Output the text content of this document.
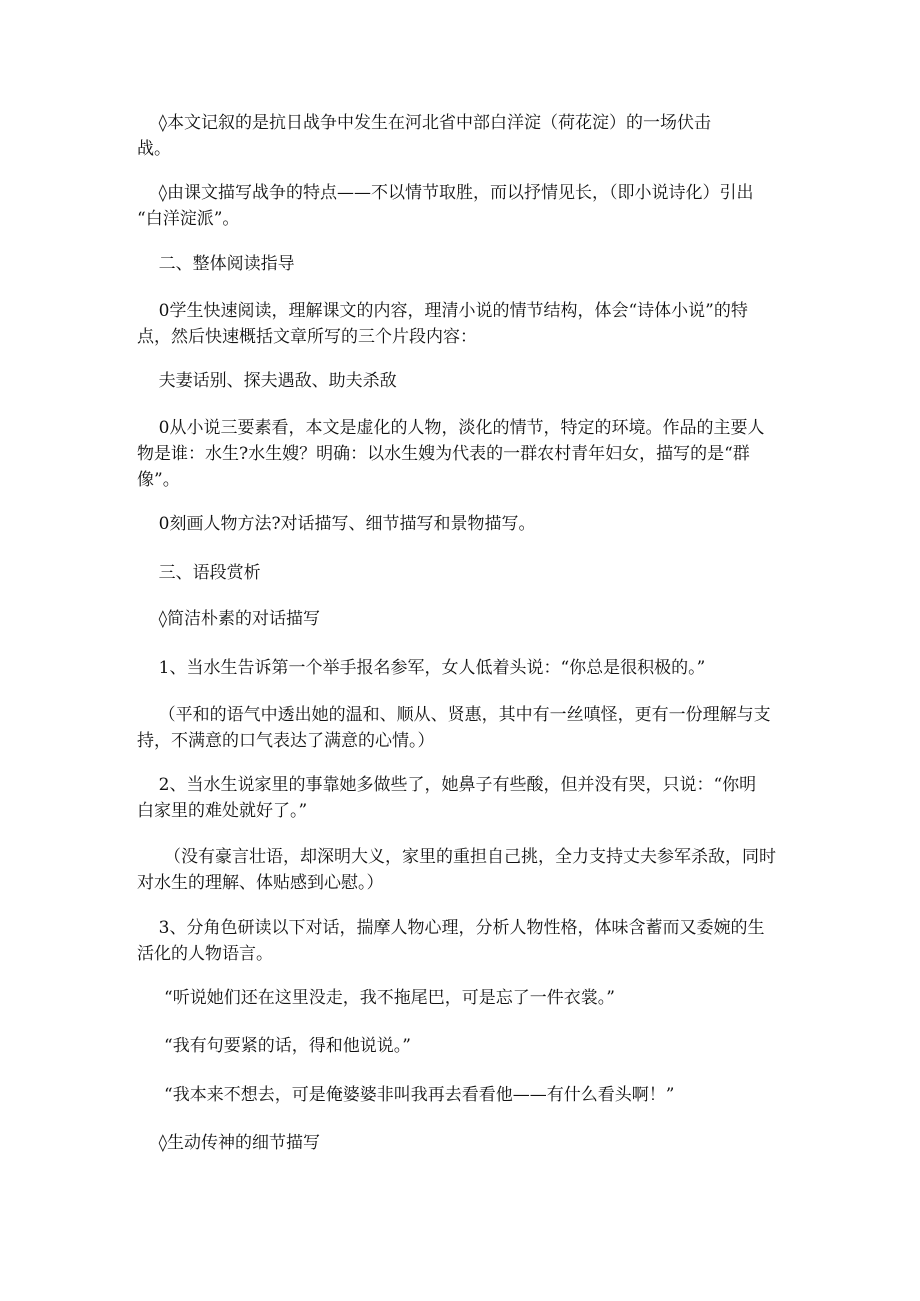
◊本文记叙的是抗日战争中发生在河北省中部白洋淀（荷花淀）的一场伏击
战。

◊由课文描写战争的特点——不以情节取胜，而以抒情见长，（即小说诗化）引出
“白洋淀派”。

二、整体阅读指导

0学生快速阅读，理解课文的内容，理清小说的情节结构，体会“诗体小说”的特
点，然后快速概括文章所写的三个片段内容：

夫妻话别、探夫遇敌、助夫杀敌

0从小说三要素看，本文是虚化的人物，淡化的情节，特定的环境。作品的主要人
物是谁：水生?水生嫂？明确：以水生嫂为代表的一群农村青年妇女，描写的是“群
像”。

0刻画人物方法?对话描写、细节描写和景物描写。

三、语段赏析

◊简洁朴素的对话描写

1、当水生告诉第一个举手报名参军，女人低着头说：“你总是很积极的。”

（平和的语气中透出她的温和、顺从、贤惠，其中有一丝嗔怪，更有一份理解与支
持，不满意的口气表达了满意的心情。）

2、当水生说家里的事靠她多做些了，她鼻子有些酸，但并没有哭，只说：“你明
白家里的难处就好了。”

（没有豪言壮语，却深明大义，家里的重担自己挑，全力支持丈夫参军杀敌，同时
对水生的理解、体贴感到心慰。）

3、分角色研读以下对话，揣摩人物心理，分析人物性格，体味含蓄而又委婉的生
活化的人物语言。

“听说她们还在这里没走，我不拖尾巴，可是忘了一件衣裳。”

“我有句要紧的话，得和他说说。”

“我本来不想去，可是俺婆婆非叫我再去看看他——有什么看头啊！”

◊生动传神的细节描写
